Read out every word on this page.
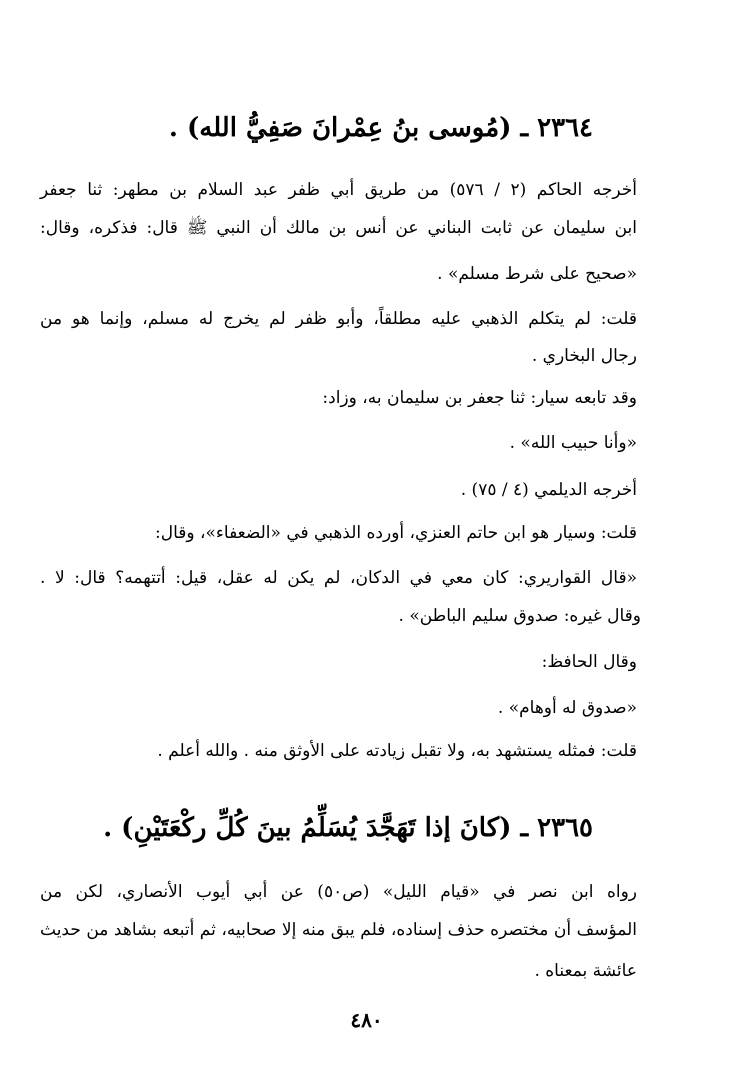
٢٣٦٤ ـ (مُوسى بنُ عِمْرانَ صَفِيُّ الله) .
أخرجه الحاكم (٢ / ٥٧٦) من طريق أبي ظفر عبد السلام بن مطهر: ثنا جعفر
ابن سليمان عن ثابت البناني عن أنس بن مالك أن النبي ﷺ قال: فذكره، وقال:
«صحيح على شرط مسلم» .
قلت: لم يتكلم الذهبي عليه مطلقاً، وأبو ظفر لم يخرج له مسلم، وإنما هو من
رجال البخاري .
وقد تابعه سيار: ثنا جعفر بن سليمان به، وزاد:
«وأنا حبيب الله» .
أخرجه الديلمي (٤ / ٧٥) .
قلت: وسيار هو ابن حاتم العنزي، أورده الذهبي في «الضعفاء»، وقال:
«قال القواريري: كان معي في الدكان، لم يكن له عقل، قيل: أتتهمه؟ قال: لا .
وقال غيره: صدوق سليم الباطن» .
وقال الحافظ:
«صدوق له أوهام» .
قلت: فمثله يستشهد به، ولا تقبل زيادته على الأوثق منه . والله أعلم .
٢٣٦٥ ـ (كانَ إذا تَهَجَّدَ يُسَلِّمُ بينَ كُلِّ ركْعَتَيْنِ) .
رواه ابن نصر في «قيام الليل» (ص٥٠) عن أبي أيوب الأنصاري، لكن من
المؤسف أن مختصره حذف إسناده، فلم يبق منه إلا صحابيه، ثم أتبعه بشاهد من حديث
عائشة بمعناه .
٤٨٠
